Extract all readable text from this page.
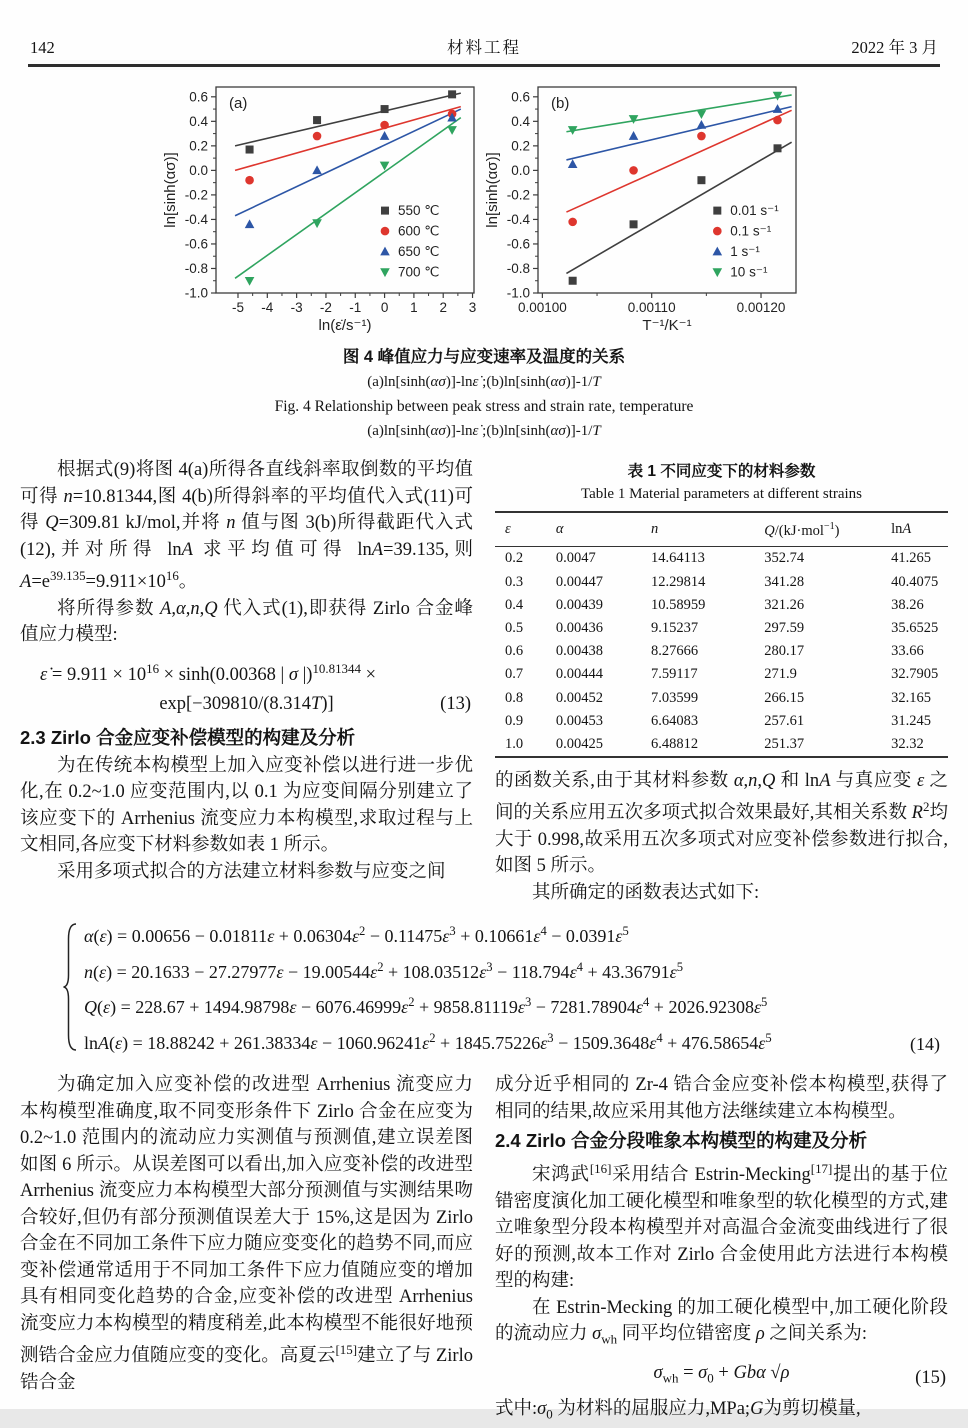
142	材料工程	2022 年 3 月
-5 -4 -3 -2 -1 0 1 2 3
0.6
0.4
0.2
0.0
-0.2
-0.4
-0.6
-0.8
-1.0
ln(ε̇/s⁻¹)
ln[sinh(ασ)]
(a)
550 ℃
600 ℃
650 ℃
700 ℃
0.00100	0.00110	0.00120
0.6
0.4
0.2
0.0
-0.2
-0.4
-0.6
-0.8
-1.0
T⁻¹/K⁻¹
ln[sinh(ασ)]
(b)
0.01 s⁻¹
0.1 s⁻¹
1 s⁻¹
10 s⁻¹
图 4 峰值应力与应变速率及温度的关系
(a)ln[sinh(ασ)]-lnε̇ ;(b)ln[sinh(ασ)]-1/T
Fig. 4 Relationship between peak stress and strain rate, temperature
(a)ln[sinh(ασ)]-lnε̇ ;(b)ln[sinh(ασ)]-1/T

根据式(9)将图 4(a)所得各直线斜率取倒数的平均值可得 n=10.81344,图 4(b)所得斜率的平均值代入式(11)可得 Q=309.81 kJ/mol,并将 n 值与图 3(b)所得截距代入式(12),并对所得 lnA 求平均值可得 lnA=39.135,则 $A=e^{39.135}=9.911\times 10^{16}$。

将所得参数 A,α,n,Q 代入式(1),即获得 Zirlo 合金峰值应力模型:

ε̇ = $9.911 \times 10^{16} \times \sinh(0.00368$ | σ |)$^{10.81344}$ ×
exp[−309810/(8.314T)]	(13)
2.3 Zirlo 合金应变补偿模型的构建及分析

为在传统本构模型上加入应变补偿以进行进一步优化,在 0.2~1.0 应变范围内,以 0.1 为应变间隔分别建立了该应变下的 Arrhenius 流变应力本构模型,求取过程与上文相同,各应变下材料参数如表 1 所示。

采用多项式拟合的方法建立材料参数与应变之间

表 1 不同应变下的材料参数
Table 1 Material parameters at different strains
ε	α	n	Q/(kJ·mol$^{-1}$)	lnA
0.2	0.0047	14.64113	352.74	41.265
0.3	0.00447	12.29814	341.28	40.4075
0.4	0.00439	10.58959	321.26	38.26
0.5	0.00436	9.15237	297.59	35.6525
0.6	0.00438	8.27666	280.17	33.66
0.7	0.00444	7.59117	271.9	32.7905
0.8	0.00452	7.03599	266.15	32.165
0.9	0.00453	6.64083	257.61	31.245
1.0	0.00425	6.48812	251.37	32.32

的函数关系,由于其材料参数 α,n,Q 和 lnA 与真应变 ε 之间的关系应用五次多项式拟合效果最好,其相关系数 $R^2$均大于 0.998,故采用五次多项式对应变补偿参数进行拟合,如图 5 所示。

其所确定的函数表达式如下:

$\alpha(\varepsilon) = 0.00656 - 0.01811\varepsilon + 0.06304\varepsilon^2 - 0.11475\varepsilon^3 + 0.10661\varepsilon^4 - 0.0391\varepsilon^5$
$n(\varepsilon) = 20.1633 - 27.27977\varepsilon - 19.00544\varepsilon^2 + 108.03512\varepsilon^3 - 118.794\varepsilon^4 + 43.36791\varepsilon^5$
$Q(\varepsilon) = 228.67 + 1494.98798\varepsilon - 6076.46999\varepsilon^2 + 9858.81119\varepsilon^3 - 7281.78904\varepsilon^4 + 2026.92308\varepsilon^5$
$\ln A(\varepsilon) = 18.88242 + 261.38334\varepsilon - 1060.96241\varepsilon^2 + 1845.75226\varepsilon^3 - 1509.3648\varepsilon^4 + 476.58654\varepsilon^5$	(14)

为确定加入应变补偿的改进型 Arrhenius 流变应力本构模型准确度,取不同变形条件下 Zirlo 合金在应变为 0.2~1.0 范围内的流动应力实测值与预测值,建立误差图如图 6 所示。从误差图可以看出,加入应变补偿的改进型 Arrhenius 流变应力本构模型大部分预测值与实测结果吻合较好,但仍有部分预测值误差大于 15%,这是因为 Zirlo 合金在不同加工条件下应力随应变变化的趋势不同,而应变补偿通常适用于不同加工条件下应力值随应变的增加具有相同变化趋势的合金,应变补偿的改进型 Arrhenius 流变应力本构模型的精度稍差,此本构模型不能很好地预测锆合金应力值随应变的变化。高夏云[15]建立了与 Zirlo 锆合金

成分近乎相同的 Zr-4 锆合金应变补偿本构模型,获得了相同的结果,故应采用其他方法继续建立本构模型。

2.4 Zirlo 合金分段唯象本构模型的构建及分析

宋鸿武[16]采用结合 Estrin-Mecking[17]提出的基于位错密度演化加工硬化模型和唯象型的软化模型的方式,建立唯象型分段本构模型并对高温合金流变曲线进行了很好的预测,故本工作对 Zirlo 合金使用此方法进行本构模型的构建:

在 Estrin-Mecking 的加工硬化模型中,加工硬化阶段的流动应力 $\sigma_{wh}$ 同平均位错密度 ρ 之间关系为:

$\sigma_{wh} = \sigma_0 + Gb\alpha$ √ρ	(15)

式中$:\sigma_0$ 为材料的屈服应力,MPa;G为剪切模量,
